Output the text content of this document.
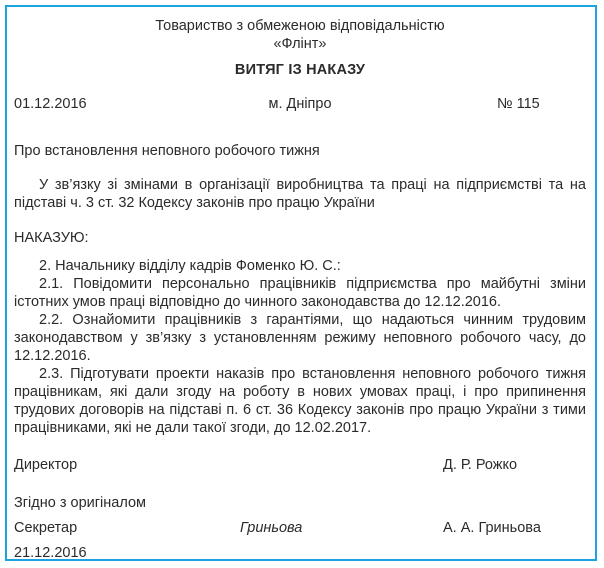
Товариство з обмеженою відповідальністю
«Флінт»
ВИТЯГ ІЗ НАКАЗУ
01.12.2016	м. Дніпро	№ 115

Про встановлення неповного робочого тижня

У зв’язку зі змінами в організації виробництва та праці на підприємстві та на підставі ч. 3 ст. 32 Кодексу законів про працю України

НАКАЗУЮ:

2. Начальнику відділу кадрів Фоменко Ю. С.:

2.1. Повідомити персонально працівників підприємства про майбутні зміни істотних умов праці відповідно до чинного законодавства до 12.12.2016.

2.2. Ознайомити працівників з гарантіями, що надаються чинним трудовим законодавством у зв’язку з установленням режиму неповного робочого часу, до 12.12.2016.

2.3. Підготувати проекти наказів про встановлення неповного робочого тижня працівникам, які дали згоду на роботу в нових умовах праці, і про припинення трудових договорів на підставі п. 6 ст. 36 Кодексу законів про працю України з тими працівниками, які не дали такої згоди, до 12.02.2017.

Директор	Д. Р. Рожко
Згідно з оригіналом
Секретар	Гриньова	А. А. Гриньова
21.12.2016
